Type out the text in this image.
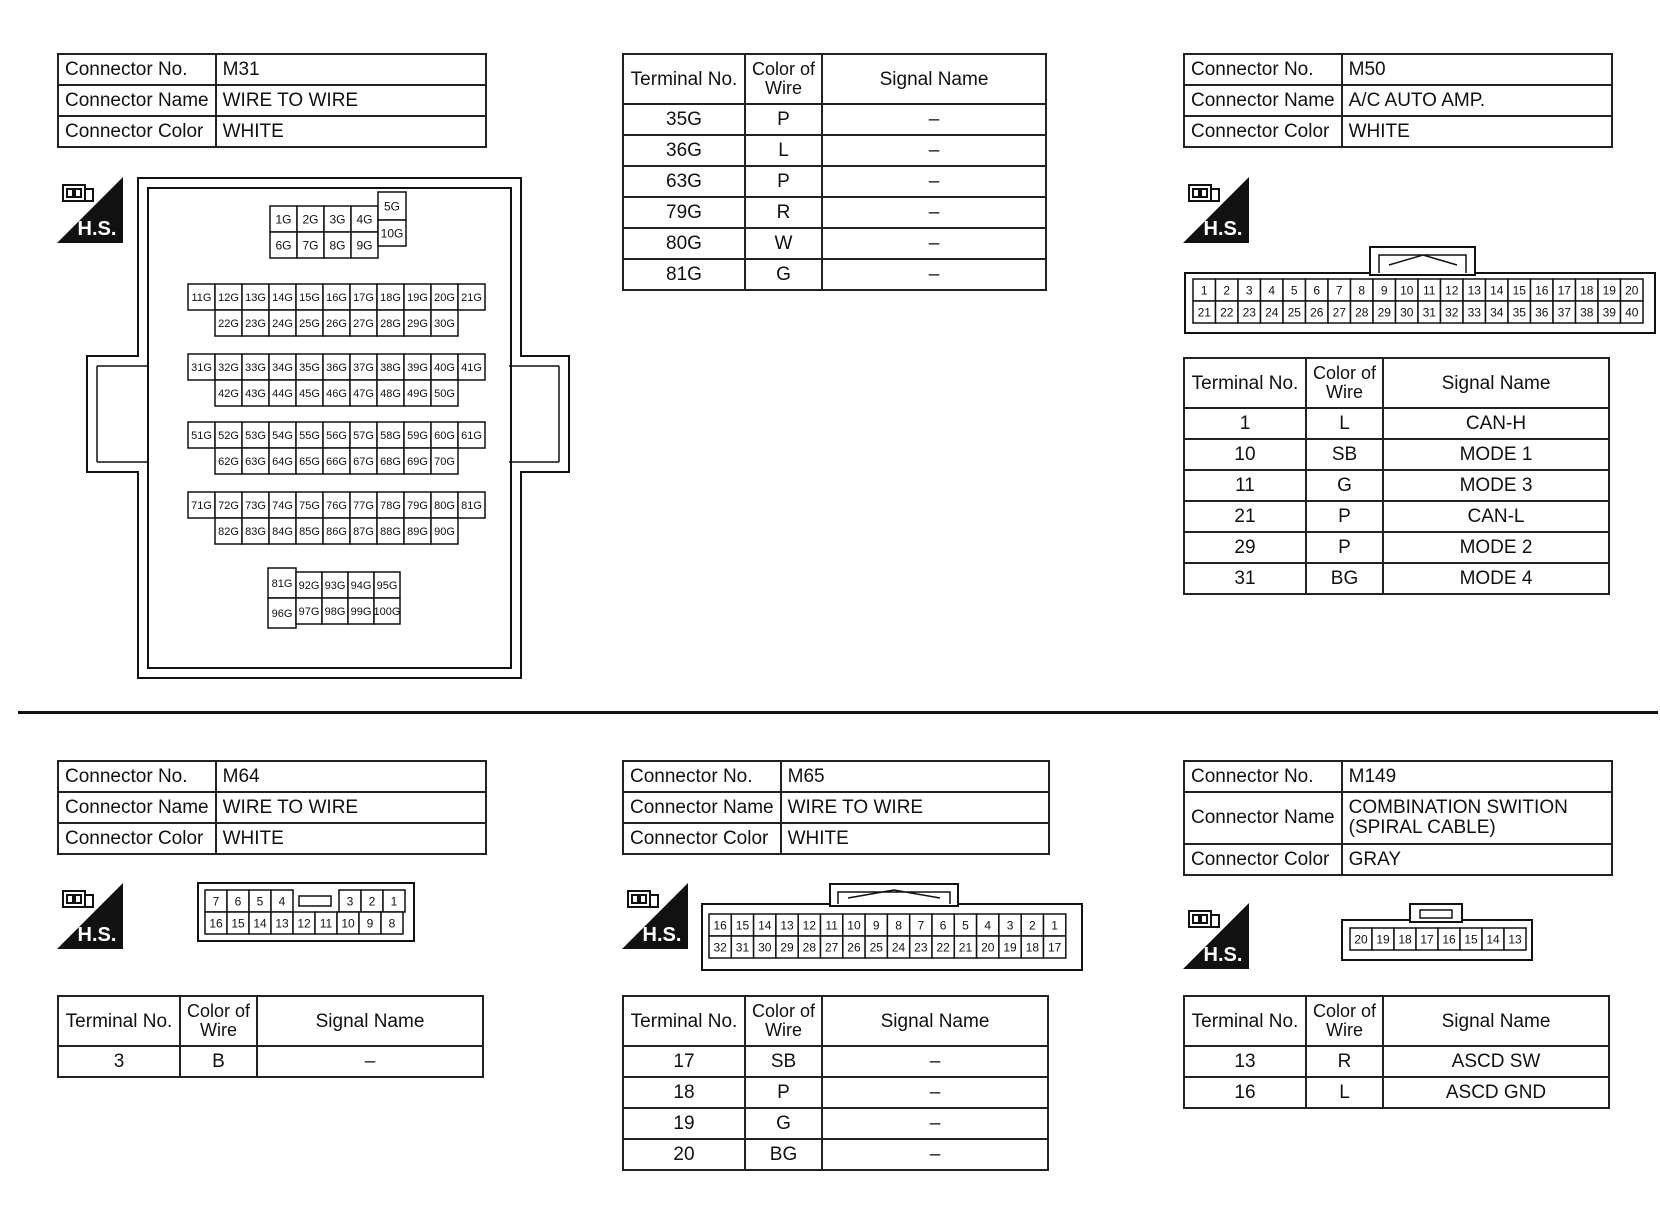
Connector No.	M31
Connector Name	WIRE TO WIRE
Connector Color	WHITE
H.S.	1G 2G 3G 4G
6G 7G 8G 9G
5G
10G
11G 12G 13G 14G 15G 16G 17G 18G 19G 20G 21G
22G 23G 24G 25G 26G 27G 28G 29G 30G
31G 32G 33G 34G 35G 36G 37G 38G 39G 40G 41G
42G 43G 44G 45G 46G 47G 48G 49G 50G
51G 52G 53G 54G 55G 56G 57G 58G 59G 60G 61G
62G 63G 64G 65G 66G 67G 68G 69G 70G
71G 72G 73G 74G 75G 76G 77G 78G 79G 80G 81G
82G 83G 84G 85G 86G 87G 88G 89G 90G
81G
96G
92G 93G 94G 95G
97G 98G 99G 100G
Terminal No.	Color of
Wire	Signal Name
35G	P	–
36G	L	–
63G	P	–
79G	R	–
80G	W	–
81G	G	–
Connector No.	M50
Connector Name	A/C AUTO AMP.
Connector Color	WHITE
H.S.
1 2 3 4 5 6 7 8 9 10 11 12 13 14 15 16 17 18 19 20
21 22 23 24 25 26 27 28 29 30 31 32 33 34 35 36 37 38 39 40
Terminal No.	Color of
Wire	Signal Name
1	L	CAN-H
10	SB	MODE 1
11	G	MODE 3
21	P	CAN-L
29	P	MODE 2
31	BG	MODE 4
Connector No.	M64
Connector Name	WIRE TO WIRE
Connector Color	WHITE
H.S.
7 6 5 4	3 2 1
16 15 14 13 12 11 10 9 8
Terminal No.	Color of
Wire	Signal Name
3	B	–
Connector No.	M65
Connector Name	WIRE TO WIRE
Connector Color	WHITE
H.S.	16 15 14 13 12 11 10 9 8 7 6 5 4 3 2 1
32 31 30 29 28 27 26 25 24 23 22 21 20 19 18 17
Terminal No.	Color of
Wire	Signal Name
17	SB	–
18	P	–
19	G	–
20	BG	–
Connector No.	M149
Connector Name	COMBINATION SWITION
(SPIRAL CABLE)
Connector Color	GRAY
H.S.
20 19 18 17 16 15 14 13
Terminal No.	Color of
Wire	Signal Name
13	R	ASCD SW
16	L	ASCD GND
